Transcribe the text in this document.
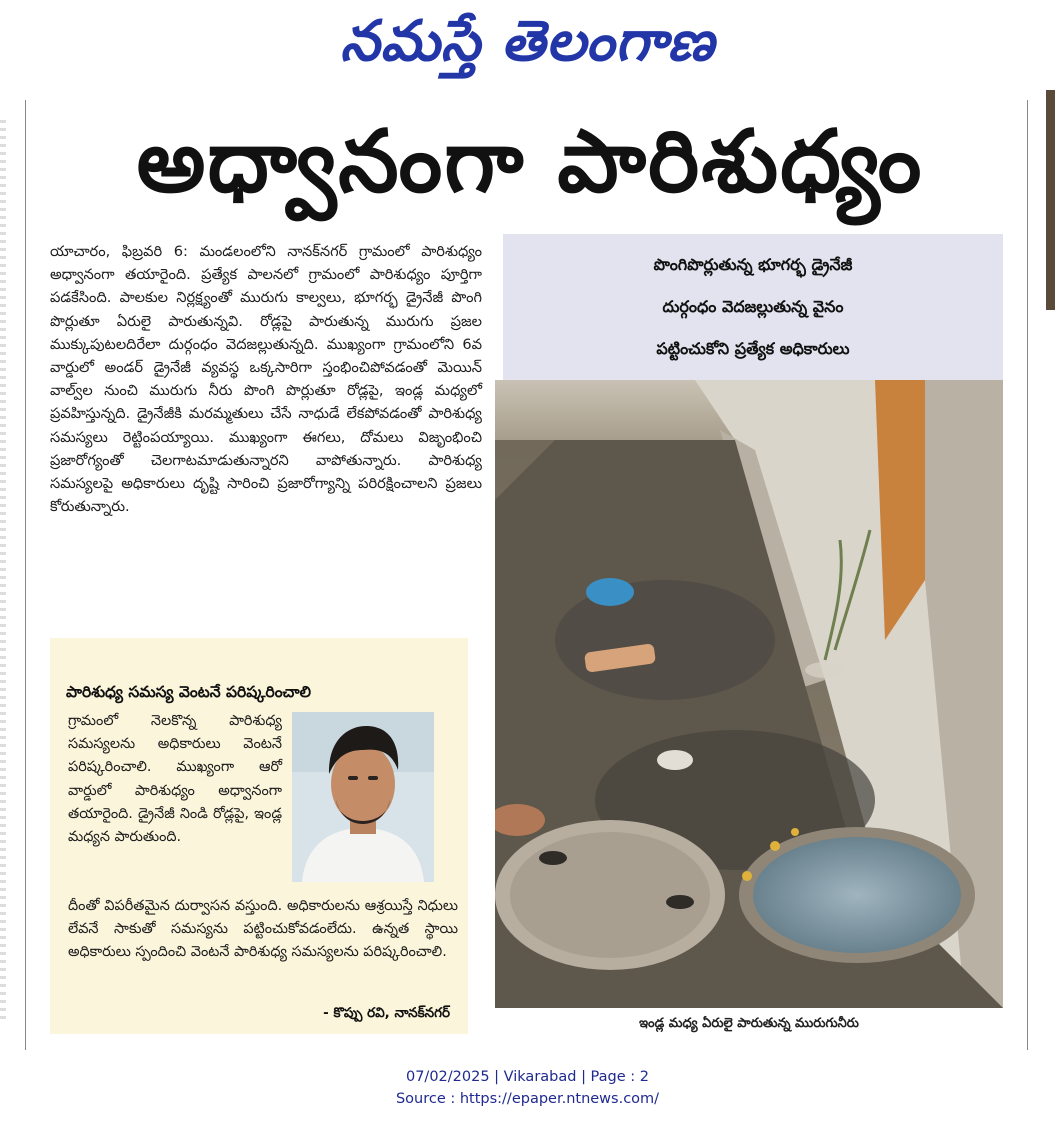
నమస్తే తెలంగాణ
అధ్వానంగా పారిశుధ్యం

యాచారం, ఫిబ్రవరి 6: మండలంలోని నానక్‌నగర్ గ్రామంలో పారిశుధ్యం అధ్వానంగా తయారైంది. ప్రత్యేక పాలనలో గ్రామంలో పారిశుధ్యం పూర్తిగా పడకేసింది. పాలకుల నిర్లక్ష్యంతో మురుగు కాల్వలు, భూగర్భ డ్రైనేజీ పొంగి పొర్లుతూ ఏరులై పారుతున్నవి. రోడ్లపై పారుతున్న మురుగు ప్రజల ముక్కుపుటలదిరేలా దుర్గంధం వెదజల్లుతున్నది. ముఖ్యంగా గ్రామంలోని 6వ వార్డులో అండర్ డ్రైనేజీ వ్యవస్థ ఒక్కసారిగా స్తంభించిపోవడంతో మెయిన్ వాల్వ్‌ల నుంచి మురుగు నీరు పొంగి పొర్లుతూ రోడ్లపై, ఇండ్ల మధ్యలో ప్రవహిస్తున్నది. డ్రైనేజీకి మరమ్మతులు చేసే నాధుడే లేకపోవడంతో పారిశుధ్య సమస్యలు రెట్టింపయ్యాయి. ముఖ్యంగా ఈగలు, దోమలు విజృంభించి ప్రజారోగ్యంతో చెలగాటమాడుతున్నారని వాపోతున్నారు. పారిశుధ్య సమస్యలపై అధికారులు దృష్టి సారించి ప్రజారోగ్యాన్ని పరిరక్షించాలని ప్రజలు కోరుతున్నారు.

పొంగిపొర్లుతున్న భూగర్భ డ్రైనేజీ
దుర్గంధం వెదజల్లుతున్న వైనం
పట్టించుకోని ప్రత్యేక అధికారులు
ఇండ్ల మధ్య ఏరులై పారుతున్న మురుగునీరు
పారిశుధ్య సమస్య వెంటనే పరిష్కరించాలి

గ్రామంలో నెలకొన్న పారిశుధ్య సమస్యలను అధికారులు వెంటనే పరిష్కరించాలి. ముఖ్యంగా ఆరో వార్డులో పారిశుధ్యం అధ్వానంగా తయారైంది. డ్రైనేజీ నిండి రోడ్లపై, ఇండ్ల మధ్యన పారుతుంది.

దీంతో విపరీతమైన దుర్వాసన వస్తుంది. అధికారులను ఆశ్రయిస్తే నిధులు లేవనే సాకుతో సమస్యను పట్టించుకోవడంలేదు. ఉన్నత స్థాయి అధికారులు స్పందించి వెంటనే పారిశుధ్య సమస్యలను పరిష్కరించాలి.

- కొప్పు రవి, నానక్‌నగర్
07/02/2025 | Vikarabad | Page : 2
Source : https://epaper.ntnews.com/
